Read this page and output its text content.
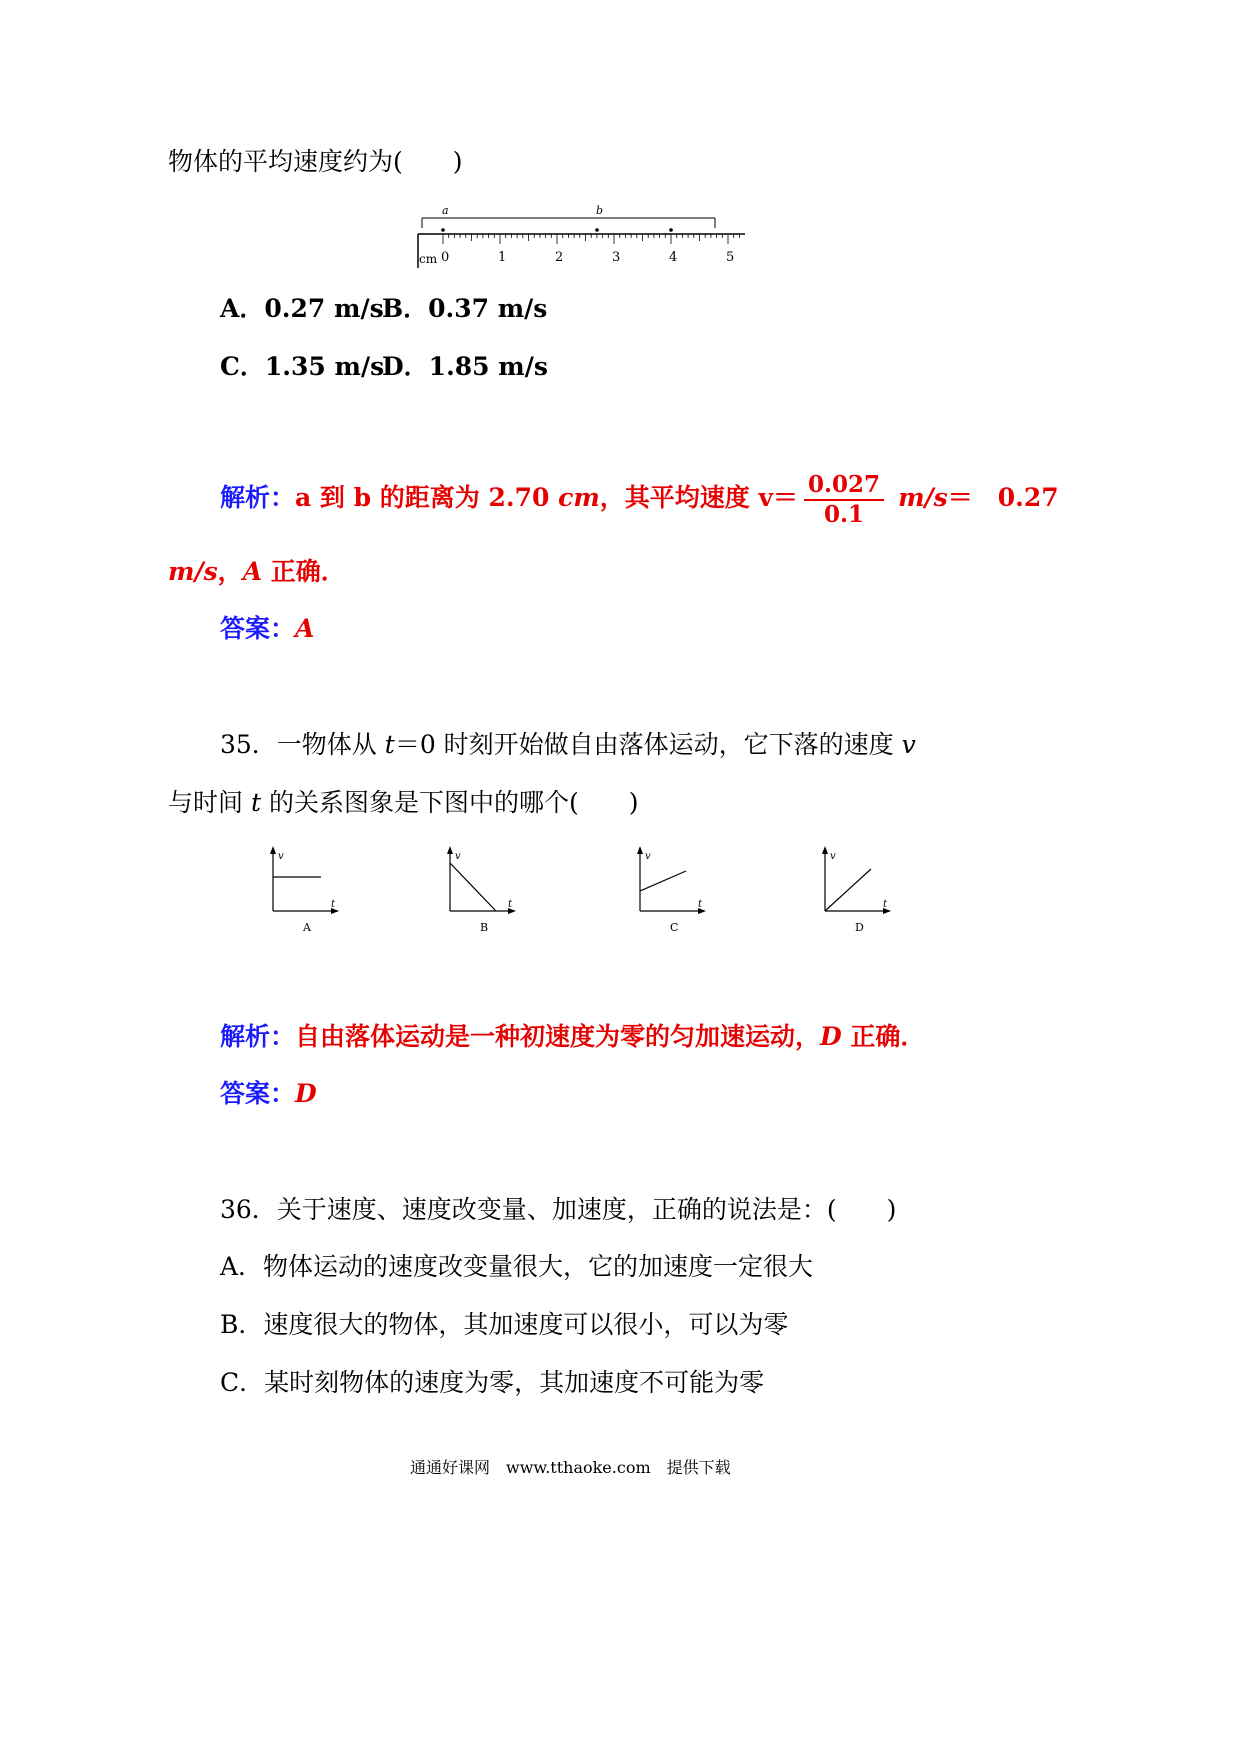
物体的平均速度约为(　　)
a	b
cm 0	1	2	3	4	5
A．0.27 m/s
B．0.37 m/s
C．1.35 m/s
D．1.85 m/s
解析：a 到 b 的距离为 2.70 cm，其平均速度 $v= \frac{0.027}{0.1} m/s=$　0.27
m/s，A 正确．
答案：A
35．一物体从 t＝0 时刻开始做自由落体运动，它下落的速度 v
与时间 t 的关系图象是下图中的哪个(　　)
v
t
A
v
t
B
v
t
C
v
t
D
解析：自由落体运动是一种初速度为零的匀加速运动，D 正确．
答案：D
36．关于速度、速度改变量、加速度，正确的说法是：(　　)
A．物体运动的速度改变量很大，它的加速度一定很大
B．速度很大的物体，其加速度可以很小，可以为零
C．某时刻物体的速度为零，其加速度不可能为零
通通好课网　www.tthaoke.com　提供下载
